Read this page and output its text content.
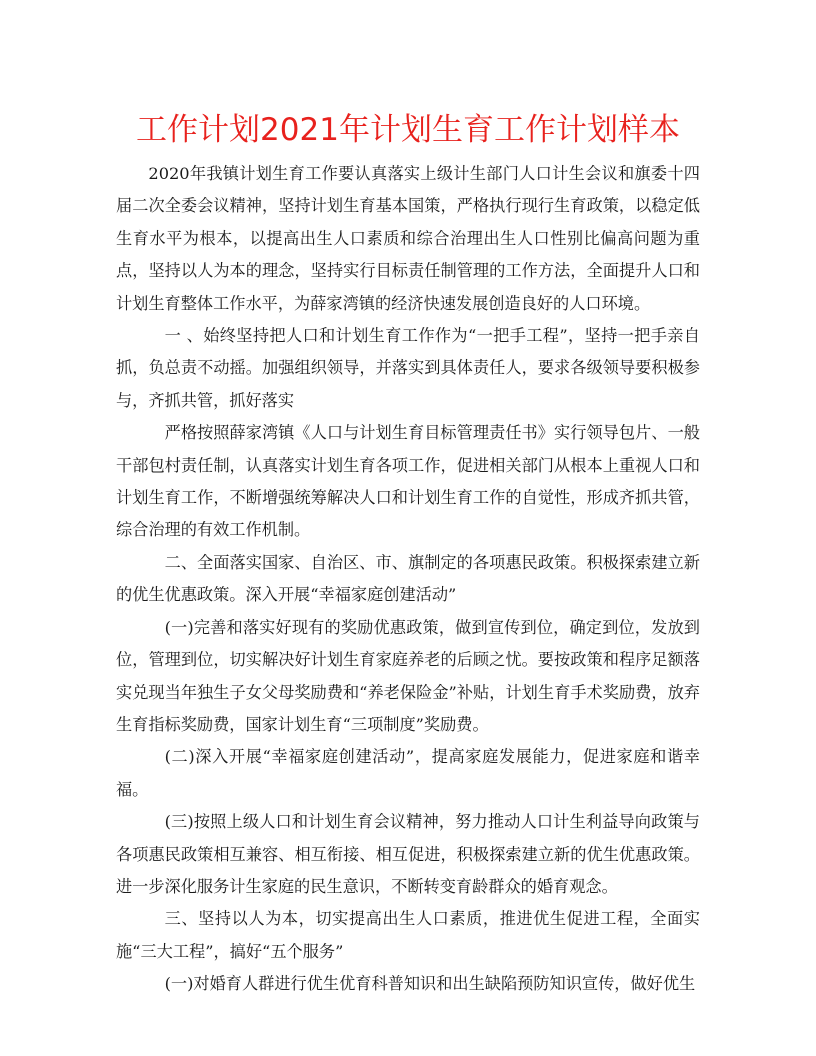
工作计划2021年计划生育工作计划样本

2020年我镇计划生育工作要认真落实上级计生部门人口计生会议和旗委十四届二次全委会议精神，坚持计划生育基本国策，严格执行现行生育政策，以稳定低生育水平为根本，以提高出生人口素质和综合治理出生人口性别比偏高问题为重点，坚持以人为本的理念，坚持实行目标责任制管理的工作方法，全面提升人口和计划生育整体工作水平，为薛家湾镇的经济快速发展创造良好的人口环境。

一 、始终坚持把人口和计划生育工作作为“一把手工程”，坚持一把手亲自抓，负总责不动摇。加强组织领导，并落实到具体责任人，要求各级领导要积极参与，齐抓共管，抓好落实

严格按照薛家湾镇《人口与计划生育目标管理责任书》实行领导包片、一般干部包村责任制，认真落实计划生育各项工作，促进相关部门从根本上重视人口和计划生育工作，不断增强统筹解决人口和计划生育工作的自觉性，形成齐抓共管，综合治理的有效工作机制。

二、全面落实国家、自治区、市、旗制定的各项惠民政策。积极探索建立新的优生优惠政策。深入开展“幸福家庭创建活动”

(一)完善和落实好现有的奖励优惠政策，做到宣传到位，确定到位，发放到位，管理到位，切实解决好计划生育家庭养老的后顾之忧。要按政策和程序足额落实兑现当年独生子女父母奖励费和“养老保险金”补贴，计划生育手术奖励费，放弃生育指标奖励费，国家计划生育“三项制度”奖励费。

(二)深入开展“幸福家庭创建活动”，提高家庭发展能力，促进家庭和谐幸福。

(三)按照上级人口和计划生育会议精神，努力推动人口计生利益导向政策与各项惠民政策相互兼容、相互衔接、相互促进，积极探索建立新的优生优惠政策。进一步深化服务计生家庭的民生意识，不断转变育龄群众的婚育观念。

三、坚持以人为本，切实提高出生人口素质，推进优生促进工程，全面实施“三大工程”，搞好“五个服务”

(一)对婚育人群进行优生优育科普知识和出生缺陷预防知识宣传，做好优生
